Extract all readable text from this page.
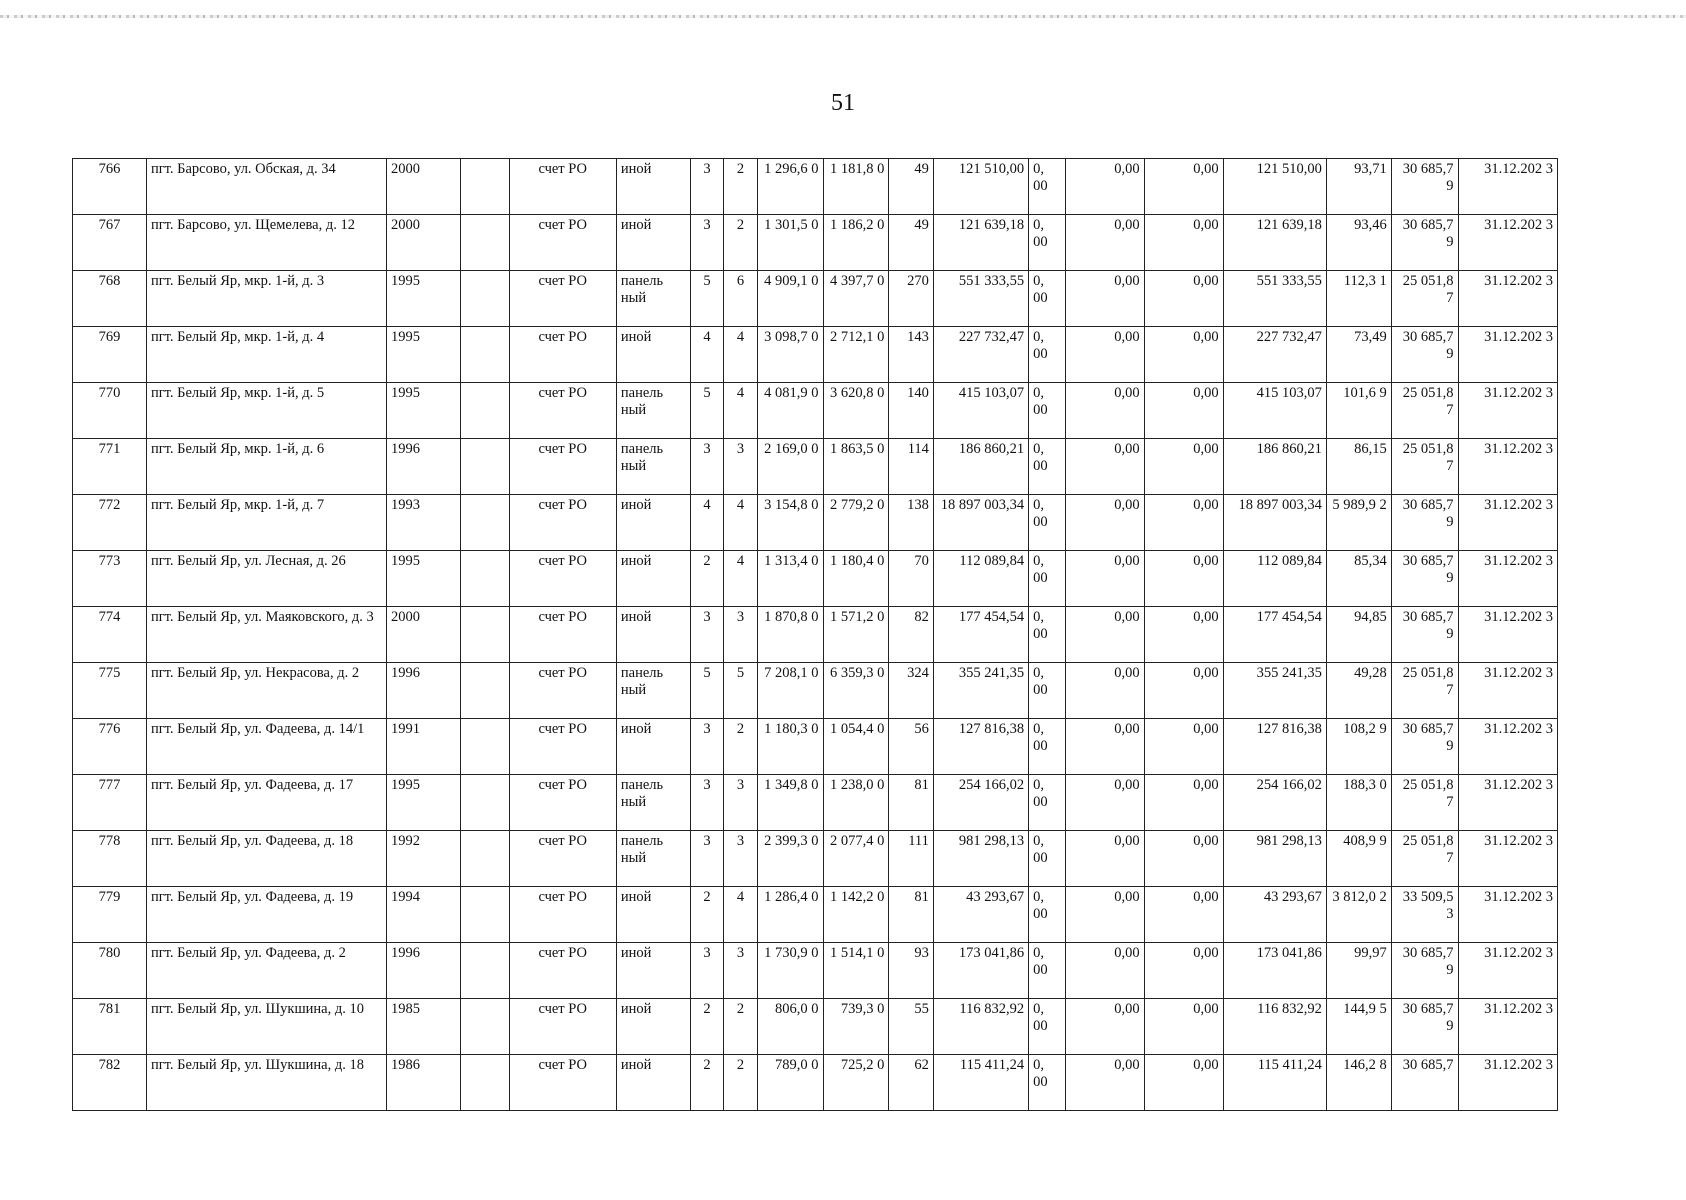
51
766	пгт. Барсово, ул. Обская, д. 34	2000		счет РО	иной	3	2	1 296,6 0	1 181,8 0	49	121 510,00	0, 00	0,00	0,00	121 510,00	93,71	30 685,7 9	31.12.202 3
767	пгт. Барсово, ул. Щемелева, д. 12	2000		счет РО	иной	3	2	1 301,5 0	1 186,2 0	49	121 639,18	0, 00	0,00	0,00	121 639,18	93,46	30 685,7 9	31.12.202 3
768	пгт. Белый Яр, мкр. 1-й, д. 3	1995		счет РО	панель ный	5	6	4 909,1 0	4 397,7 0	270	551 333,55	0, 00	0,00	0,00	551 333,55	112,3 1	25 051,8 7	31.12.202 3
769	пгт. Белый Яр, мкр. 1-й, д. 4	1995		счет РО	иной	4	4	3 098,7 0	2 712,1 0	143	227 732,47	0, 00	0,00	0,00	227 732,47	73,49	30 685,7 9	31.12.202 3
770	пгт. Белый Яр, мкр. 1-й, д. 5	1995		счет РО	панель ный	5	4	4 081,9 0	3 620,8 0	140	415 103,07	0, 00	0,00	0,00	415 103,07	101,6 9	25 051,8 7	31.12.202 3
771	пгт. Белый Яр, мкр. 1-й, д. 6	1996		счет РО	панель ный	3	3	2 169,0 0	1 863,5 0	114	186 860,21	0, 00	0,00	0,00	186 860,21	86,15	25 051,8 7	31.12.202 3
772	пгт. Белый Яр, мкр. 1-й, д. 7	1993		счет РО	иной	4	4	3 154,8 0	2 779,2 0	138	18 897 003,34	0, 00	0,00	0,00	18 897 003,34	5 989,9 2	30 685,7 9	31.12.202 3
773	пгт. Белый Яр, ул. Лесная, д. 26	1995		счет РО	иной	2	4	1 313,4 0	1 180,4 0	70	112 089,84	0, 00	0,00	0,00	112 089,84	85,34	30 685,7 9	31.12.202 3
774	пгт. Белый Яр, ул. Маяковского, д. 3	2000		счет РО	иной	3	3	1 870,8 0	1 571,2 0	82	177 454,54	0, 00	0,00	0,00	177 454,54	94,85	30 685,7 9	31.12.202 3
775	пгт. Белый Яр, ул. Некрасова, д. 2	1996		счет РО	панель ный	5	5	7 208,1 0	6 359,3 0	324	355 241,35	0, 00	0,00	0,00	355 241,35	49,28	25 051,8 7	31.12.202 3
776	пгт. Белый Яр, ул. Фадеева, д. 14/1	1991		счет РО	иной	3	2	1 180,3 0	1 054,4 0	56	127 816,38	0, 00	0,00	0,00	127 816,38	108,2 9	30 685,7 9	31.12.202 3
777	пгт. Белый Яр, ул. Фадеева, д. 17	1995		счет РО	панель ный	3	3	1 349,8 0	1 238,0 0	81	254 166,02	0, 00	0,00	0,00	254 166,02	188,3 0	25 051,8 7	31.12.202 3
778	пгт. Белый Яр, ул. Фадеева, д. 18	1992		счет РО	панель ный	3	3	2 399,3 0	2 077,4 0	111	981 298,13	0, 00	0,00	0,00	981 298,13	408,9 9	25 051,8 7	31.12.202 3
779	пгт. Белый Яр, ул. Фадеева, д. 19	1994		счет РО	иной	2	4	1 286,4 0	1 142,2 0	81	43 293,67	0, 00	0,00	0,00	43 293,67	3 812,0 2	33 509,5 3	31.12.202 3
780	пгт. Белый Яр, ул. Фадеева, д. 2	1996		счет РО	иной	3	3	1 730,9 0	1 514,1 0	93	173 041,86	0, 00	0,00	0,00	173 041,86	99,97	30 685,7 9	31.12.202 3
781	пгт. Белый Яр, ул. Шукшина, д. 10	1985		счет РО	иной	2	2	806,0 0	739,3 0	55	116 832,92	0, 00	0,00	0,00	116 832,92	144,9 5	30 685,7 9	31.12.202 3
782	пгт. Белый Яр, ул. Шукшина, д. 18	1986		счет РО	иной	2	2	789,0 0	725,2 0	62	115 411,24	0, 00	0,00	0,00	115 411,24	146,2 8	30 685,7	31.12.202 3
